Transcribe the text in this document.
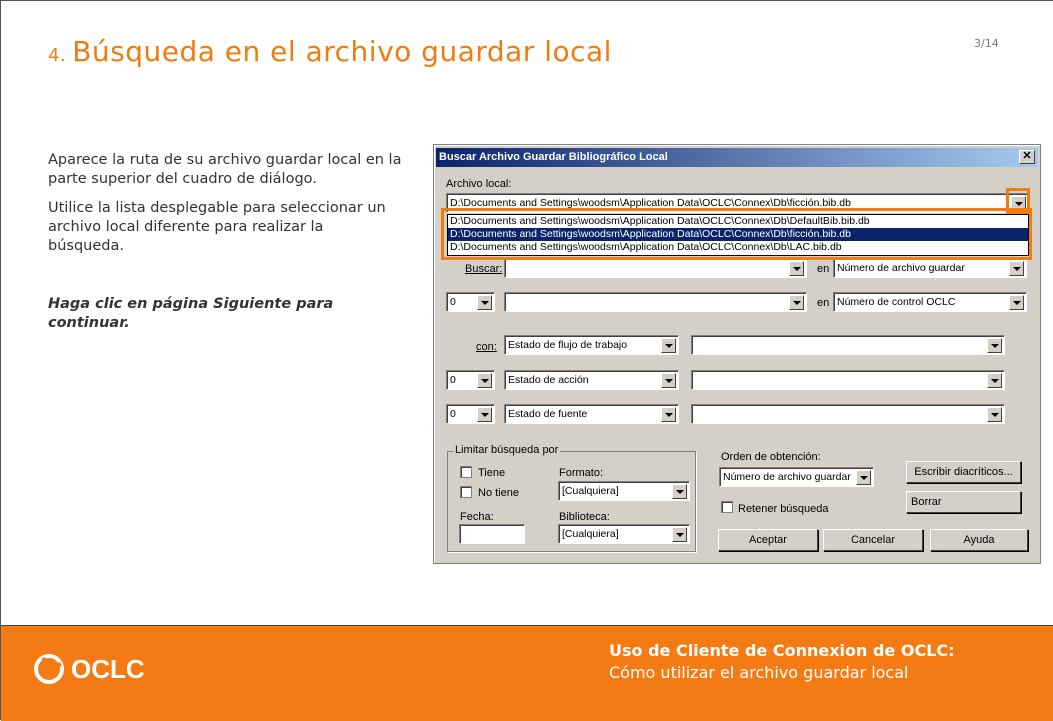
4. Búsqueda en el archivo guardar local	3/14

Aparece la ruta de su archivo guardar local en la parte superior del cuadro de diálogo.

Utilice la lista desplegable para seleccionar un archivo local diferente para realizar la búsqueda.

Haga clic en página Siguiente para continuar.

Buscar Archivo Guardar Bibliográfico Local	✕
Archivo local:
D:\Documents and Settings\woodsm\Application Data\OCLC\Connex\Db\ficción.bib.db
D:\Documents and Settings\woodsm\Application Data\OCLC\Connex\Db\DefaultBib.bib.db
D:\Documents and Settings\woodsm\Application Data\OCLC\Connex\Db\ficción.bib.db
D:\Documents and Settings\woodsm\Application Data\OCLC\Connex\Db\LAC.bib.db
Buscar:	en Número de archivo guardar
0	en Número de control OCLC
con:	Estado de flujo de trabajo
0	Estado de acción
0	Estado de fuente
Limitar búsqueda por
Tiene
No tiene
Formato:
[Cualquiera]
Fecha:	Biblioteca:
[Cualquiera]
Orden de obtención:
Número de archivo guardar
Retener búsqueda
Escribir diacríticos...
Borrar
Aceptar	Cancelar	Ayuda
OCLC
Uso de Cliente de Connexion de OCLC:
Cómo utilizar el archivo guardar local
